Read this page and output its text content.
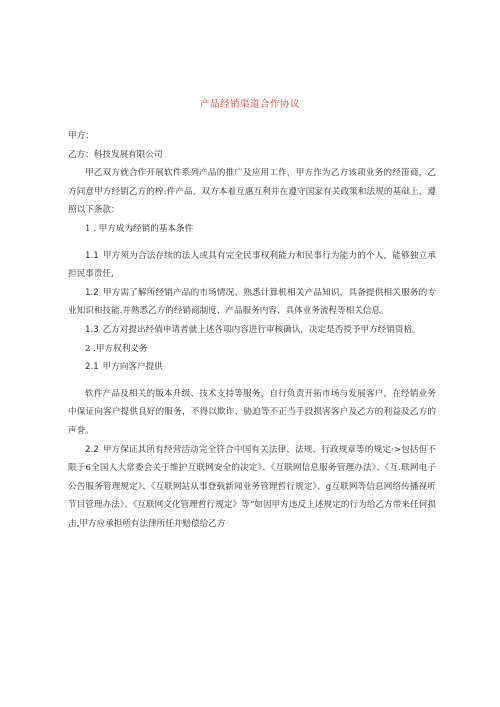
产品经销渠道合作协议

甲方：

乙方：科技发展有限公司

甲乙双方就合作开展软件系列产品的推广及应用工作，甲方作为乙方该项业务的经笛商，乙方同意甲方经销乙方的榨:件产品，双方本着互惠互利并在遵守国家有关政策和法规的基础上，遵照以下条款：

1 . 甲方成为经销的基本条件

1.1 甲方须为合法存续的法人或具有完全民事权利能力和民事行为能力的个人，能够独立承担民事责任,

1.2 甲方需了解所经销产品的市场情况、熟悉计算机相关产品知识，具备提供相关服务的专业知识和技能.并熟悉乙方的经销商制度、产品服务内容、具体业务流程等相关信息。

1.3 乙方对提出经倘申请者就上述各项内容进行审核确认，决定是否授予甲方经销资格。

2 .甲方权利义务

2.1 甲方向客户提供

软件产品及相关的版本升级、技术支持等服务，自行负责开拓市场与发展客户，在经销业务中保证向客户提供良好的服务，不得以欺诈、胁迫等不正当手段损害客户及乙方的利益及乙方的声誉。

2.2 甲方保证其所有经营活动完全符合中国有关法律、法规、行政规章等的规定·>包括但不限于6全国人大常委会关于维护互联网安全的决定》、《互联网信息服务管理办法》、《互.联网电子公告服务管理规定》、《互联网站从事登载新闻业务管理哲行规定》、g互联网等信息网络传播视听节目管理办法》、《互联网文化管理哲行规定》等“如因甲方违反上述规定的行为给乙方带来任何损击,甲方应承担所有法律所任并赔偿给乙方
